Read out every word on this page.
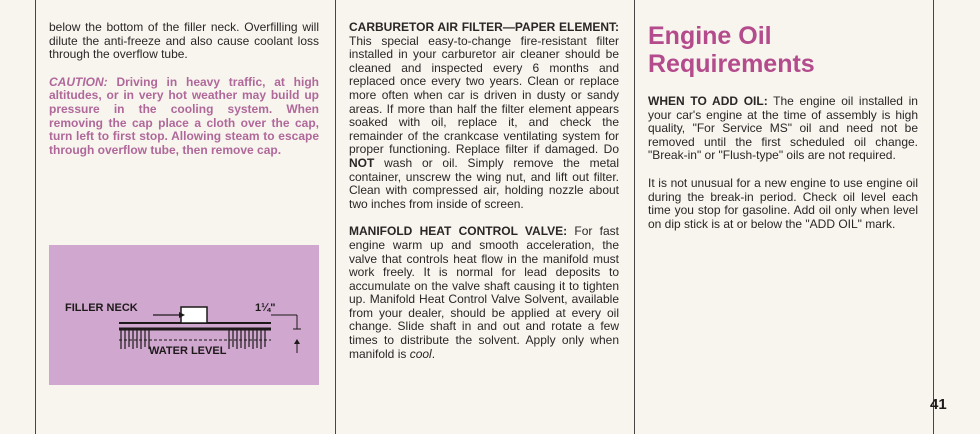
below the bottom of the filler neck. Overfilling will dilute the anti-freeze and also cause coolant loss through the overflow tube.

CAUTION: Driving in heavy traffic, at high altitudes, or in very hot weather may build up pressure in the cooling system. When removing the cap place a cloth over the cap, turn left to first stop. Allowing steam to escape through overflow tube, then remove cap.

FILLER NECK	1¼"
WATER LEVEL

CARBURETOR AIR FILTER—PAPER ELEMENT: This special easy-to-change fire-resistant filter installed in your carburetor air cleaner should be cleaned and inspected every 6 months and replaced once every two years. Clean or replace more often when car is driven in dusty or sandy areas. If more than half the filter element appears soaked with oil, replace it, and check the remainder of the crankcase ventilating system for proper functioning. Replace filter if damaged. Do NOT wash or oil. Simply remove the metal container, unscrew the wing nut, and lift out filter. Clean with compressed air, holding nozzle about two inches from inside of screen.

MANIFOLD HEAT CONTROL VALVE: For fast engine warm up and smooth acceleration, the valve that controls heat flow in the manifold must work freely. It is normal for lead deposits to accumulate on the valve shaft causing it to tighten up. Manifold Heat Control Valve Solvent, available from your dealer, should be applied at every oil change. Slide shaft in and out and rotate a few times to distribute the solvent. Apply only when manifold is cool.

Engine Oil
Requirements

WHEN TO ADD OIL: The engine oil installed in your car's engine at the time of assembly is high quality, "For Service MS" oil and need not be removed until the first scheduled oil change. "Break-in" or "Flush-type" oils are not required.

It is not unusual for a new engine to use engine oil during the break-in period. Check oil level each time you stop for gasoline. Add oil only when level on dip stick is at or below the "ADD OIL" mark.

41
